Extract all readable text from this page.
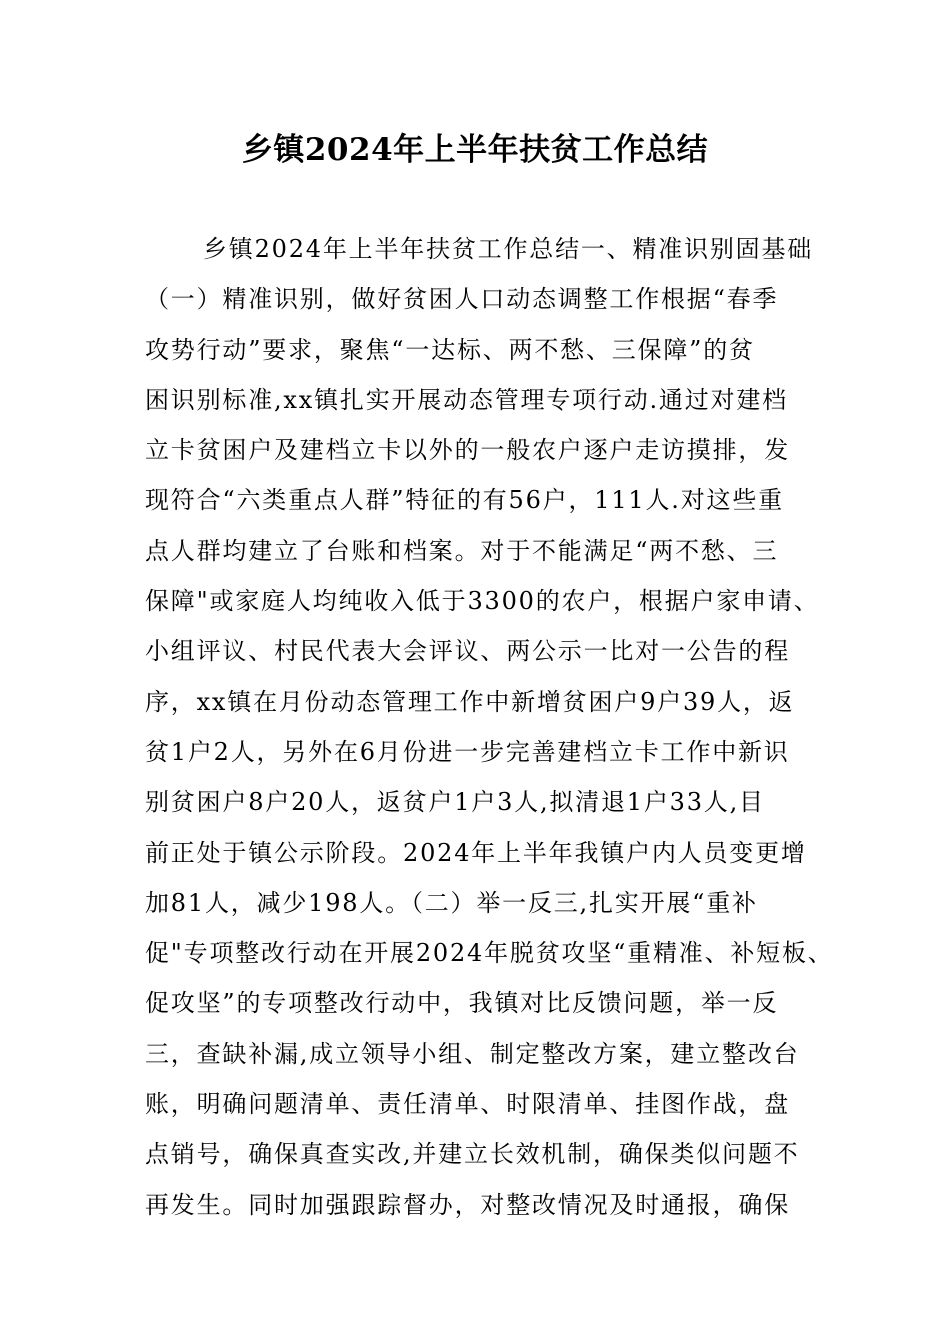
乡镇2024年上半年扶贫工作总结
乡镇2024年上半年扶贫工作总结一、精准识别固基础
（一）精准识别，做好贫困人口动态调整工作根据“春季
攻势行动”要求，聚焦“一达标、两不愁、三保障”的贫
困识别标准,xx镇扎实开展动态管理专项行动.通过对建档
立卡贫困户及建档立卡以外的一般农户逐户走访摸排，发
现符合“六类重点人群”特征的有56户，111人.对这些重
点人群均建立了台账和档案。对于不能满足“两不愁、三
保障"或家庭人均纯收入低于3300的农户，根据户家申请、
小组评议、村民代表大会评议、两公示一比对一公告的程
序，xx镇在月份动态管理工作中新增贫困户9户39人，返
贫1户2人，另外在6月份进一步完善建档立卡工作中新识
别贫困户8户20人，返贫户1户3人,拟清退1户33人,目
前正处于镇公示阶段。2024年上半年我镇户内人员变更增
加81人，减少198人。（二）举一反三,扎实开展“重补
促"专项整改行动在开展2024年脱贫攻坚“重精准、补短板、
促攻坚”的专项整改行动中，我镇对比反馈问题，举一反
三，查缺补漏,成立领导小组、制定整改方案，建立整改台
账，明确问题清单、责任清单、时限清单、挂图作战，盘
点销号，确保真查实改,并建立长效机制，确保类似问题不
再发生。同时加强跟踪督办，对整改情况及时通报，确保
